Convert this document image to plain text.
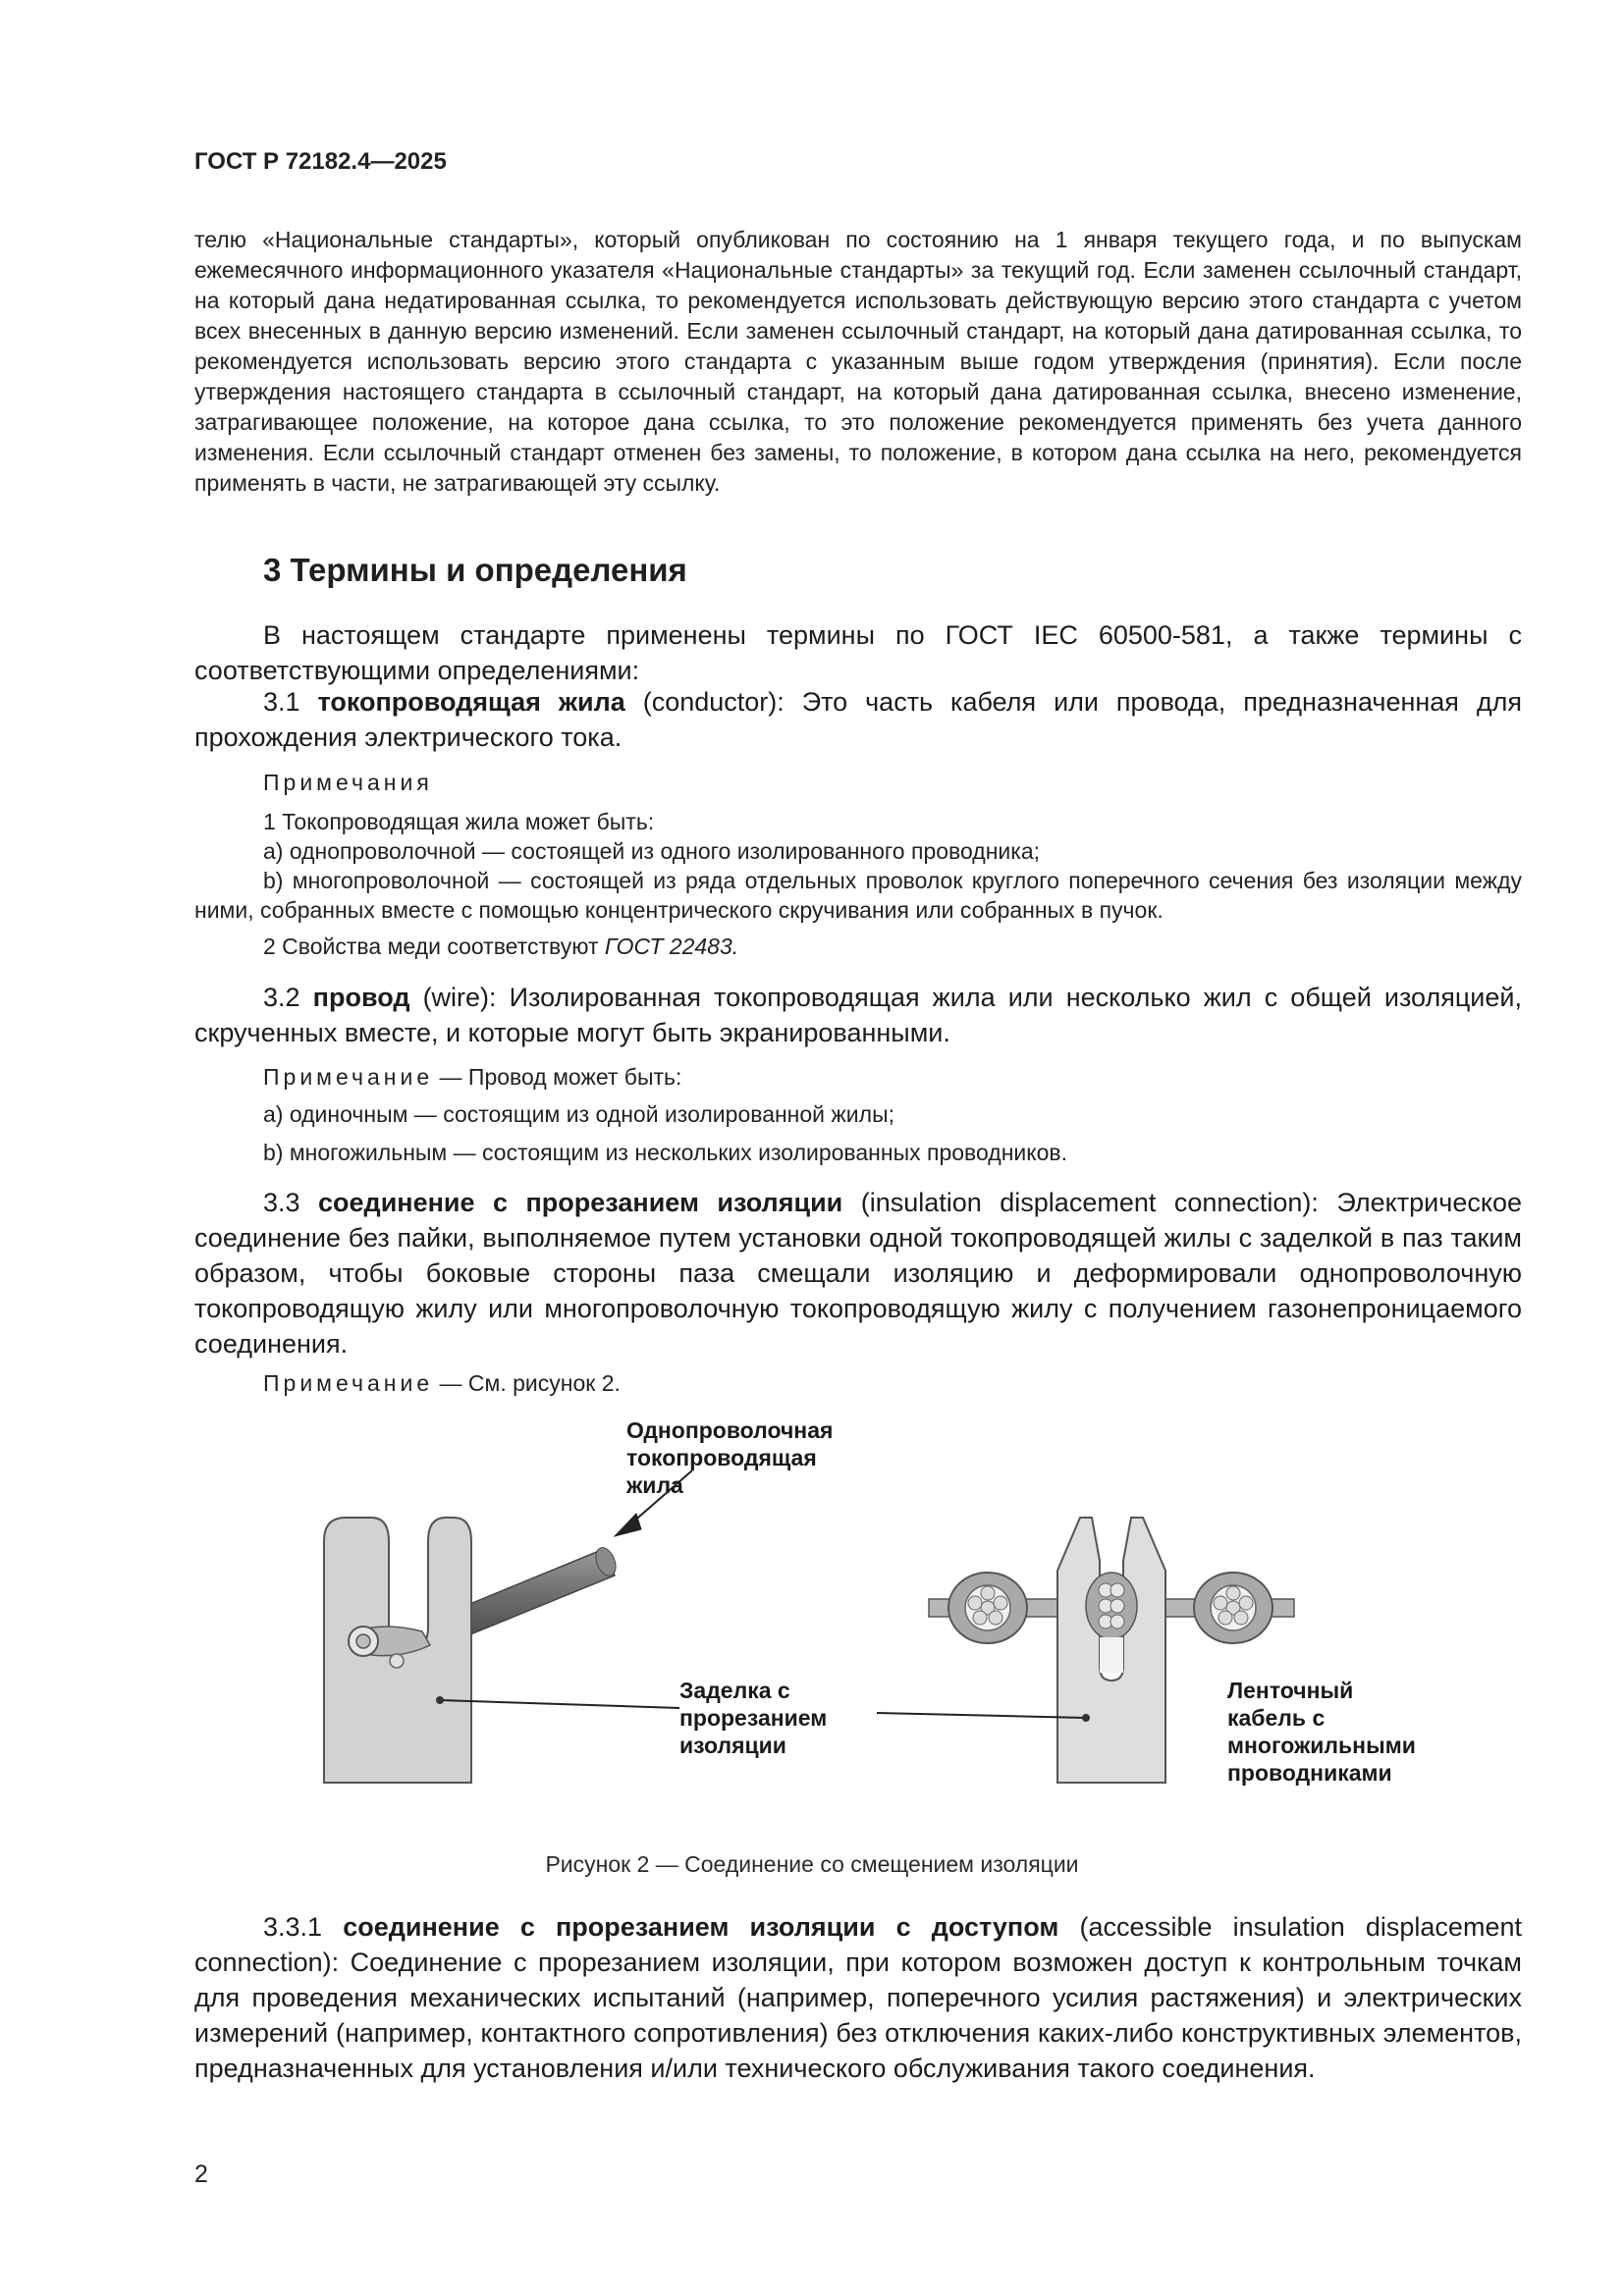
ГОСТ Р 72182.4—2025

телю «Национальные стандарты», который опубликован по состоянию на 1 января текущего года, и по выпускам ежемесячного информационного указателя «Национальные стандарты» за текущий год. Если заменен ссылочный стандарт, на который дана недатированная ссылка, то рекомендуется использовать действующую версию этого стандарта с учетом всех внесенных в данную версию изменений. Если заменен ссылочный стандарт, на который дана датированная ссылка, то рекомендуется использовать версию этого стандарта с указанным выше годом утверждения (принятия). Если после утверждения настоящего стандарта в ссылочный стандарт, на который дана датированная ссылка, внесено изменение, затрагивающее положение, на которое дана ссылка, то это положение рекомендуется применять без учета данного изменения. Если ссылочный стандарт отменен без замены, то положение, в котором дана ссылка на него, рекомендуется применять в части, не затрагивающей эту ссылку.

3 Термины и определения

В настоящем стандарте применены термины по ГОСТ IEC 60500-581, а также термины с соответствующими определениями:

3.1 токопроводящая жила (conductor): Это часть кабеля или провода, предназначенная для прохождения электрического тока.

Примечания

1 Токопроводящая жила может быть:

a) однопроволочной — состоящей из одного изолированного проводника;

b) многопроволочной — состоящей из ряда отдельных проволок круглого поперечного сечения без изоляции между ними, собранных вместе с помощью концентрического скручивания или собранных в пучок.

2 Свойства меди соответствуют ГОСТ 22483.

3.2 провод (wire): Изолированная токопроводящая жила или несколько жил с общей изоляцией, скрученных вместе, и которые могут быть экранированными.

Примечание — Провод может быть:

a) одиночным — состоящим из одной изолированной жилы;

b) многожильным — состоящим из нескольких изолированных проводников.

3.3 соединение с прорезанием изоляции (insulation displacement connection): Электрическое соединение без пайки, выполняемое путем установки одной токопроводящей жилы с заделкой в паз таким образом, чтобы боковые стороны паза смещали изоляцию и деформировали однопроволочную токопроводящую жилу или многопроволочную токопроводящую жилу с получением газонепроницаемого соединения.

Примечание — См. рисунок 2.

Однопроволочная токопроводящая жила
Заделка с прорезанием изоляции
Ленточный кабель с многожильными проводниками
Рисунок 2 — Соединение со смещением изоляции

3.3.1 соединение с прорезанием изоляции с доступом (accessible insulation displacement connection): Соединение с прорезанием изоляции, при котором возможен доступ к контрольным точкам для проведения механических испытаний (например, поперечного усилия растяжения) и электрических измерений (например, контактного сопротивления) без отключения каких-либо конструктивных элементов, предназначенных для установления и/или технического обслуживания такого соединения.

2
